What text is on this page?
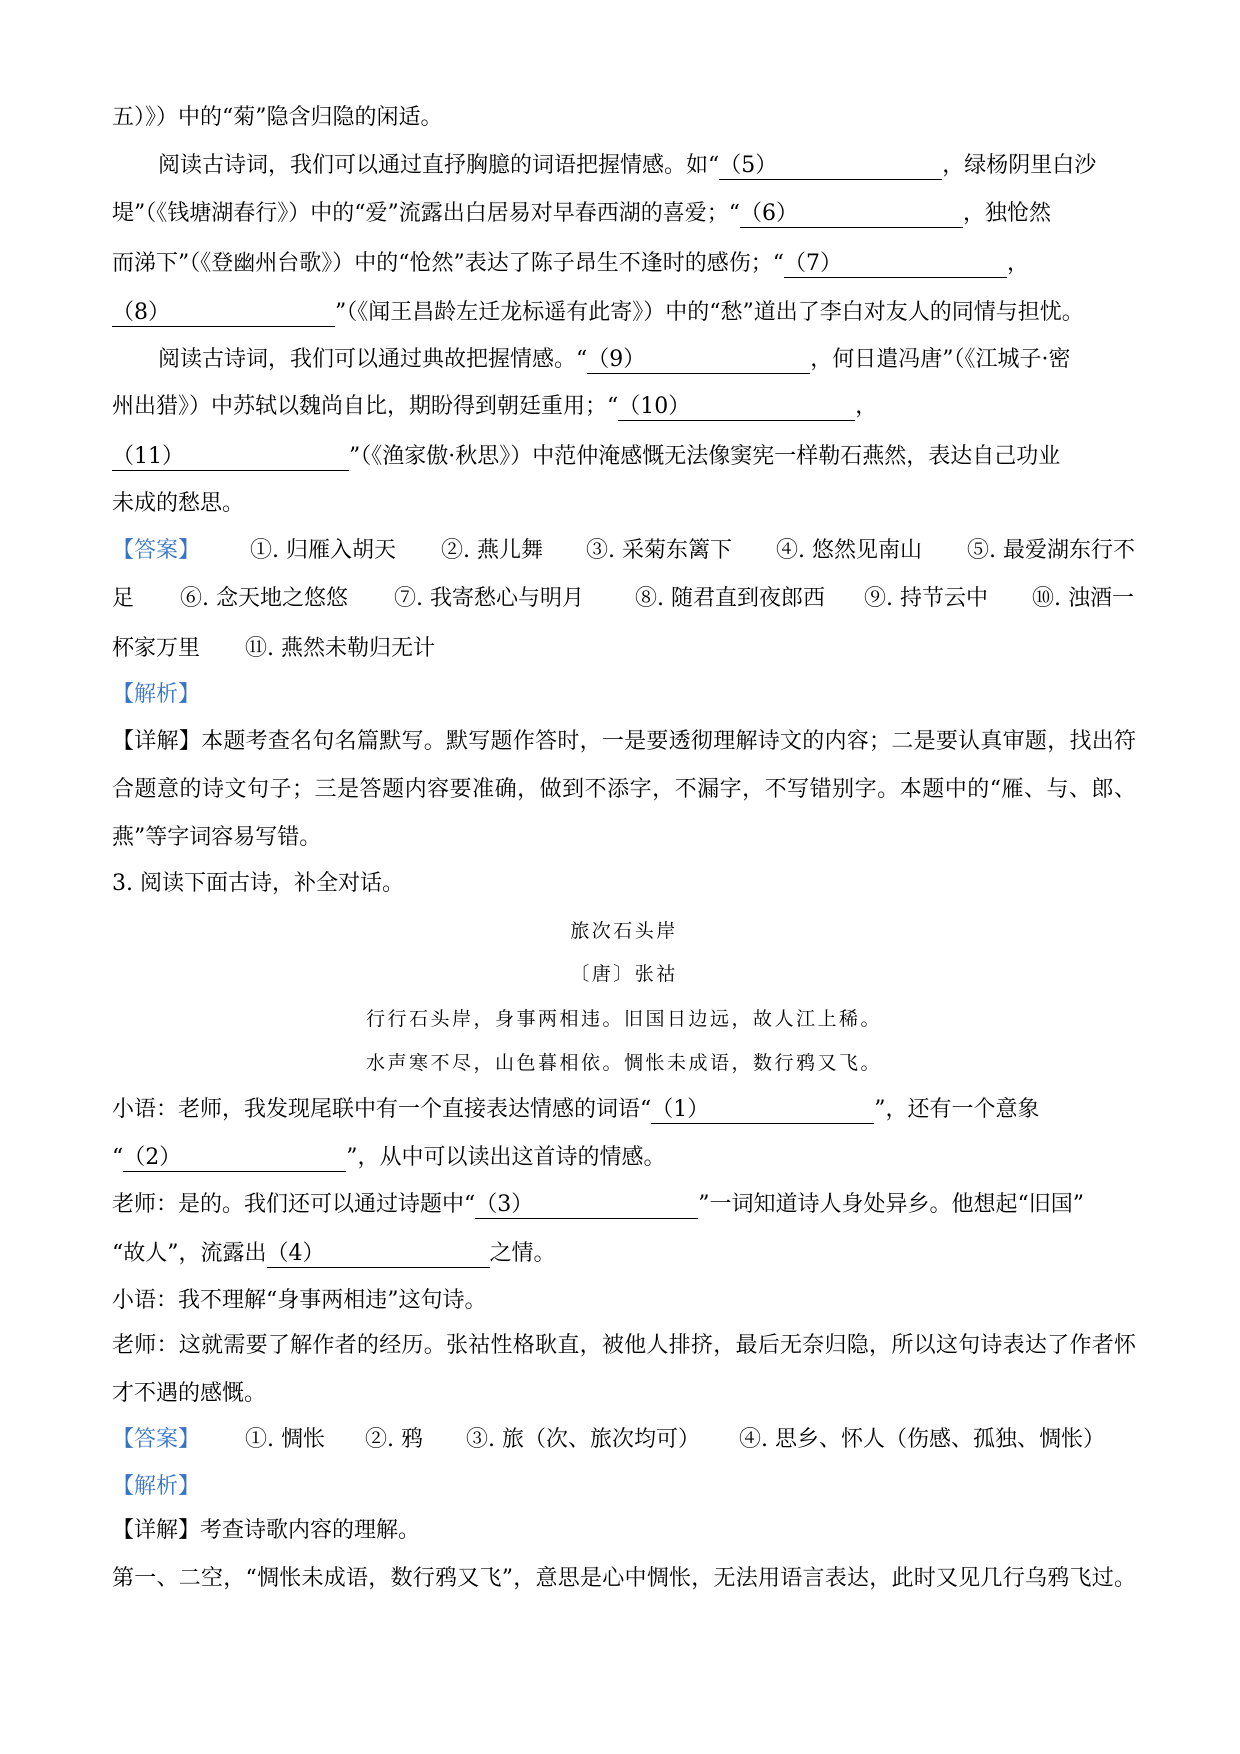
五）》）中的“菊”隐含归隐的闲适。
阅读古诗词，我们可以通过直抒胸臆的词语把握情感。如“（5）	，绿杨阴里白沙
堤”（《钱塘湖春行》）中的“爱”流露出白居易对早春西湖的喜爱；“（6）	，独怆然
而涕下”（《登幽州台歌》）中的“怆然”表达了陈子昂生不逢时的感伤；“（7）	，
（8）	”（《闻王昌龄左迁龙标遥有此寄》）中的“愁”道出了李白对友人的同情与担忧。
阅读古诗词，我们可以通过典故把握情感。“（9）	，何日遣冯唐”（《江城子·密
州出猎》）中苏轼以魏尚自比，期盼得到朝廷重用；“（10）	，
（11）	”（《渔家傲·秋思》）中范仲淹感慨无法像窦宪一样勒石燕然，表达自己功业
未成的愁思。
【答案】 ①. 归雁入胡天 ②. 燕儿舞 ③. 采菊东篱下 ④. 悠然见南山 ⑤. 最爱湖东行不
足 ⑥. 念天地之悠悠 ⑦. 我寄愁心与明月 ⑧. 随君直到夜郎西 ⑨. 持节云中 ⑩. 浊酒一
杯家万里 ⑪. 燕然未勒归无计
【解析】
【详解】本题考查名句名篇默写。默写题作答时，一是要透彻理解诗文的内容；二是要认真审题，找出符
合题意的诗文句子；三是答题内容要准确，做到不添字，不漏字，不写错别字。本题中的“雁、与、郎、
燕”等字词容易写错。
3. 阅读下面古诗，补全对话。
旅次石头岸
〔唐〕张祜
行行石头岸，身事两相违。旧国日边远，故人江上稀。
水声寒不尽，山色暮相依。惆怅未成语，数行鸦又飞。
小语：老师，我发现尾联中有一个直接表达情感的词语“（1）	”，还有一个意象
“（2）	”，从中可以读出这首诗的情感。
老师：是的。我们还可以通过诗题中“（3）	”一词知道诗人身处异乡。他想起“旧国”
“故人”，流露出（4）	之情。
小语：我不理解“身事两相违”这句诗。
老师：这就需要了解作者的经历。张祜性格耿直，被他人排挤，最后无奈归隐，所以这句诗表达了作者怀
才不遇的感慨。
【答案】 ①. 惆怅 ②. 鸦 ③. 旅（次、旅次均可） ④. 思乡、怀人（伤感、孤独、惆怅）
【解析】
【详解】考查诗歌内容的理解。
第一、二空，“惆怅未成语，数行鸦又飞”，意思是心中惆怅，无法用语言表达，此时又见几行乌鸦飞过。
